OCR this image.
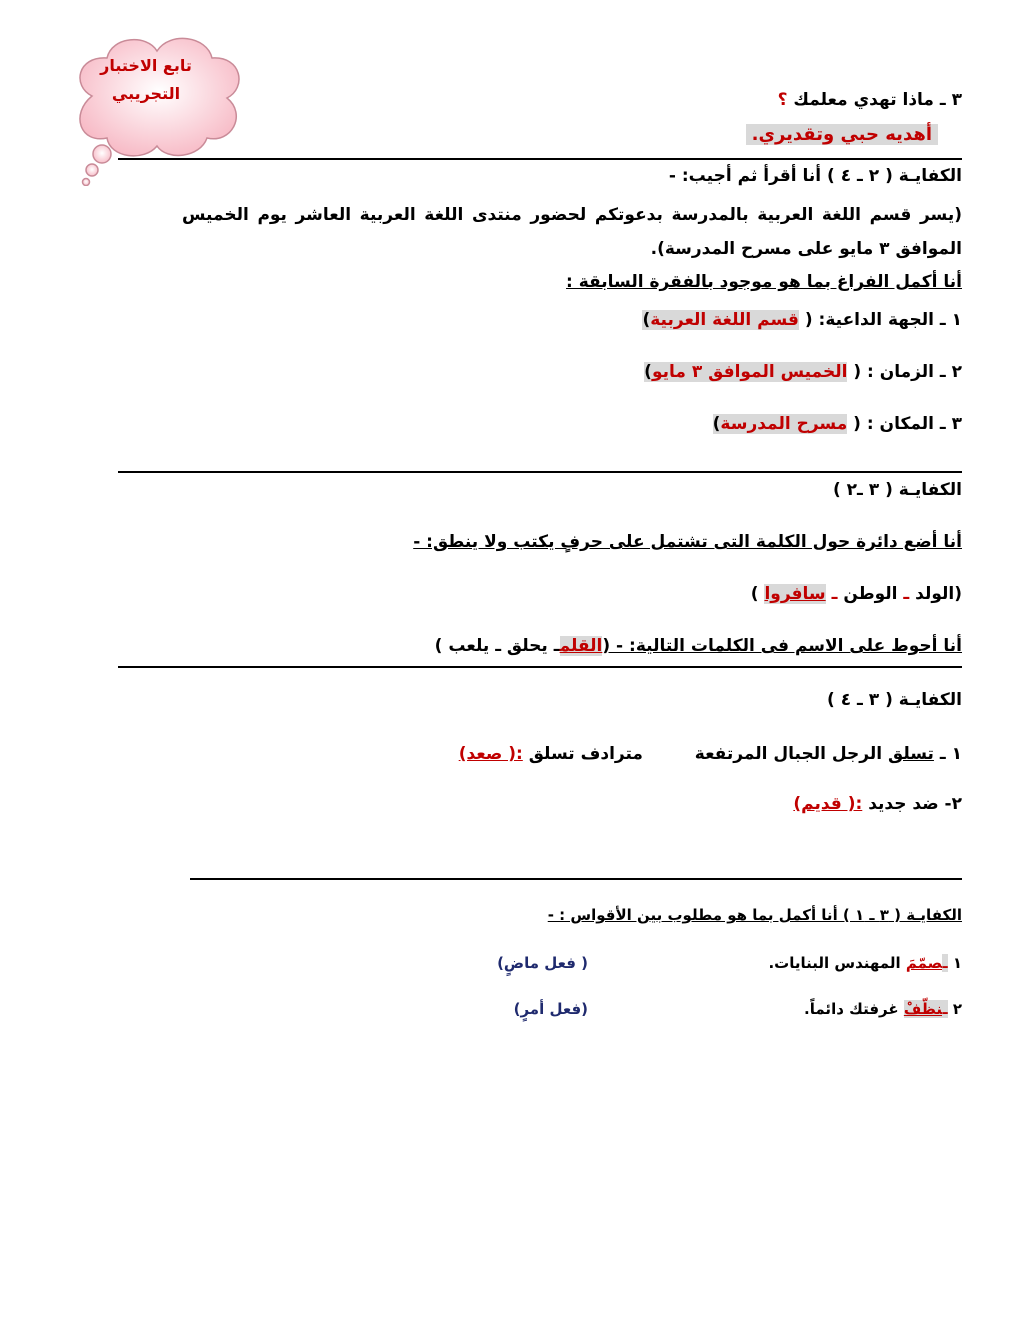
تابع الاختبار
التجريبي	٣ ـ ماذا تهدي معلمك ؟
أهديه حبي وتقديري.
الكفايـة ( ٢ ـ ٤ ) أنا أقرأ ثم أجيب: -
(يسر قسم اللغة العربية بالمدرسة بدعوتكم لحضور منتدى اللغة العربية العاشر يوم الخميس الموافق ٣ مايو على مسرح المدرسة).
أنا أكمل الفراغ بما هو موجود بالفقرة السابقة :
١ ـ الجهة الداعية: ( قسم اللغة العربية)
٢ ـ الزمان : ( الخميس الموافق ٣ مايو)
٣ ـ المكان : ( مسرح المدرسة)
الكفايـة ( ٣ ـ٢ )
أنا أضع دائرة حول الكلمة التى تشتمل على حرفٍ يكتب ولا ينطق: -
(الولد ـ الوطن ـ سافروا )
أنا أحوط على الاسم فى الكلمات التالية: - (القلمـ يحلق ـ يلعب )
الكفايـة ( ٣ ـ ٤ )
١ ـ تسلق الرجل الجبال المرتفعة  مترادف تسلق :( صعد)
٢- ضد جديد :( قديم)
الكفايـة ( ٣ ـ ١ ) أنا أكمل بما هو مطلوب بين الأقواس : -
١ ـصمّمَ المهندس البنايات.
( فعل ماضٍ)
٢ ـنظّفْ غرفتك دائماً.
(فعل أمرٍ)
